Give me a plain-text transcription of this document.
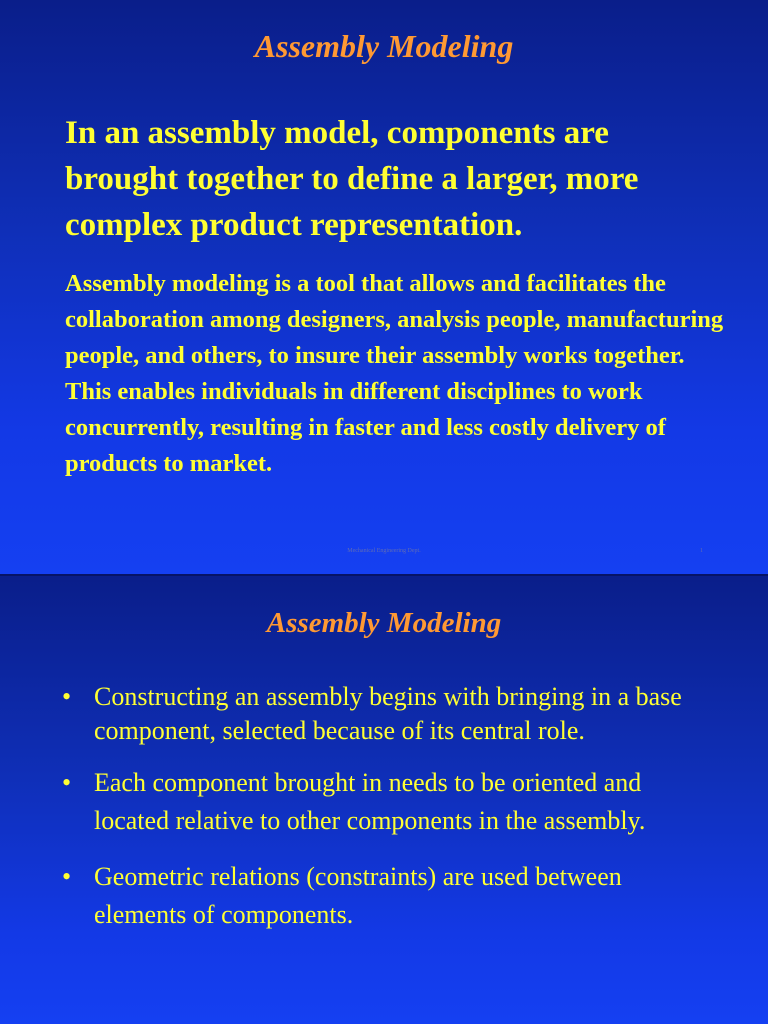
Assembly Modeling

In an assembly model, components are brought together to define a larger, more complex product representation.

Assembly modeling is a tool that allows and facilitates the collaboration among designers, analysis people, manufacturing people, and others, to insure their assembly works together. This enables individuals in different disciplines to work concurrently, resulting in faster and less costly delivery of products to market.

Mechanical Engineering Dept.	1
Assembly Modeling
• Constructing an assembly begins with bringing in a base component, selected because of its central role.
• Each component brought in needs to be oriented and located relative to other components in the assembly.
• Geometric relations (constraints) are used between elements of components.
